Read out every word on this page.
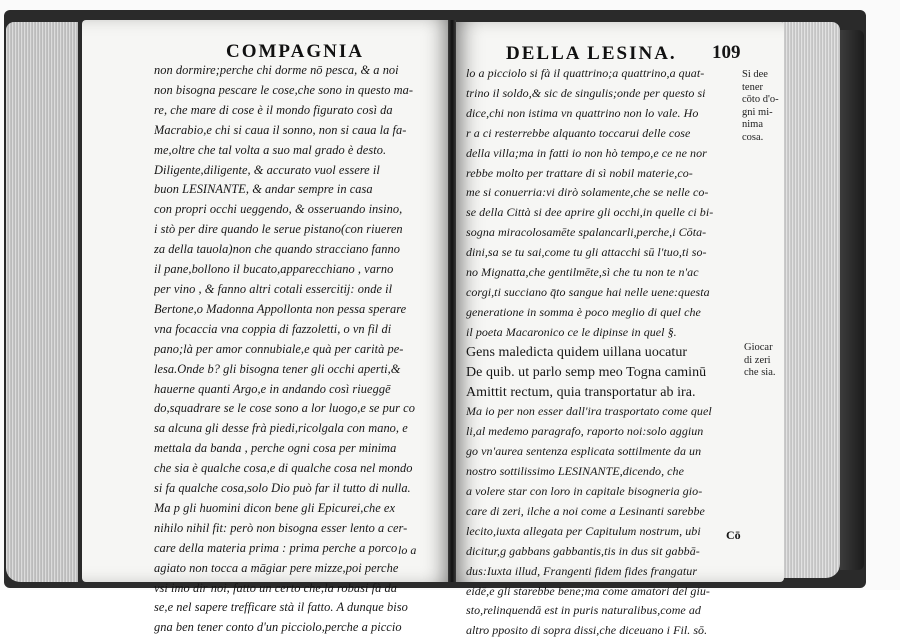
COMPAGNIA	DELLA LESINA. 109
non dormire;perche chi dorme nō pesca, & a noi
non bisogna pescare le cose,che sono in questo ma-
re, che mare di cose è il mondo figurato così da
Macrabio,e chi si caua il sonno, non si caua la fa-
me,oltre che tal volta a suo mal grado è desto.
Diligente,diligente, & accurato vuol essere il
buon LESINANTE, & andar sempre in casa
con propri occhi ueggendo, & osseruando insino,
i stò per dire quando le serue pistano(con riueren
za della tauola)non che quando stracciano fanno
il pane,bollono il bucato,apparecchiano , varno
per vino , & fanno altri cotali essercitij: onde il
Bertone,o Madonna Appollonta non pessa sperare
vna focaccia vna coppia di fazzoletti, o vn fil di
pano;là per amor connubiale,e quà per carità pe-
lesa.Onde b? gli bisogna tener gli occhi aperti,&
hauerne quanti Argo,e in andando così riueggē
do,squadrare se le cose sono a lor luogo,e se pur co
sa alcuna gli desse frà piedi,ricolgala con mano, e
mettala da banda , perche ogni cosa per minima
che sia è qualche cosa,e di qualche cosa nel mondo
si fa qualche cosa,solo Dio può far il tutto di nulla.
Ma p gli huomini dicon bene gli Epicurei,che ex
nihilo nihil fit: però non bisogna esser lento a cer-
care della materia prima : prima perche a porco
agiato non tocca a māgiar pere mizze,poi perche
vsi imo dir noi, fatto un certo che,la robasi fà da
se,e nel sapere trefficare stà il fatto. A dunque biso
gna ben tener conto d'un picciolo,perche a piccio
lo a picciolo si fà il quattrino;a quattrino,a quat-
trino il soldo,& sic de singulis;onde per questo si
dice,chi non istima vn quattrino non lo vale. Ho
r a ci resterrebbe alquanto toccarui delle cose
della villa;ma in fatti io non hò tempo,e ce ne nor
rebbe molto per trattare di sì nobil materie,co-
me si conuerria:vi dirò solamente,che se nelle co-
se della Città si dee aprire gli occhi,in quelle ci bi-
sogna miracolosamēte spalancarli,perche,i Cōta-
dini,sa se tu sai,come tu gli attacchi sū l'tuo,ti so-
no Mignatta,che gentilmēte,sì che tu non te n'ac
corgi,ti succiano q̄to sangue hai nelle uene:questa
generatione in somma è poco meglio di quel che
il poeta Macaronico ce le dipinse in quel §.
Gens maledicta quidem uillana uocatur
De quib. ut parlo semp meo Togna caminū
Amittit rectum, quia transportatur ab ira.
Ma io per non esser dall'ira trasportato come quel
li,al medemo paragrafo, raporto noi:solo aggiun
go vn'aurea sentenza esplicata sottilmente da un
nostro sottilissimo LESINANTE,dicendo, che
a volere star con loro in capitale bisogneria gio-
care di zeri, ilche a noi come a Lesinanti sarebbe
lecito,iuxta allegata per Capitulum nostrum, ubi
dicitur,g gabbans gabbantis,tis in dus sit gabbā-
dus:Iuxta illud, Frangenti fidem fides frangatur
eidē,e gli starebbe bene;ma come amatori del giu-
sto,relinquendā est in puris naturalibus,come ad
altro pposito di sopra dissi,che diceuano i Fil. sō.
Si dee
tener
cōto d'o-
gni mi-
nima
cosa.
Giocar
di zeri
che sia.
lo a
Cō
